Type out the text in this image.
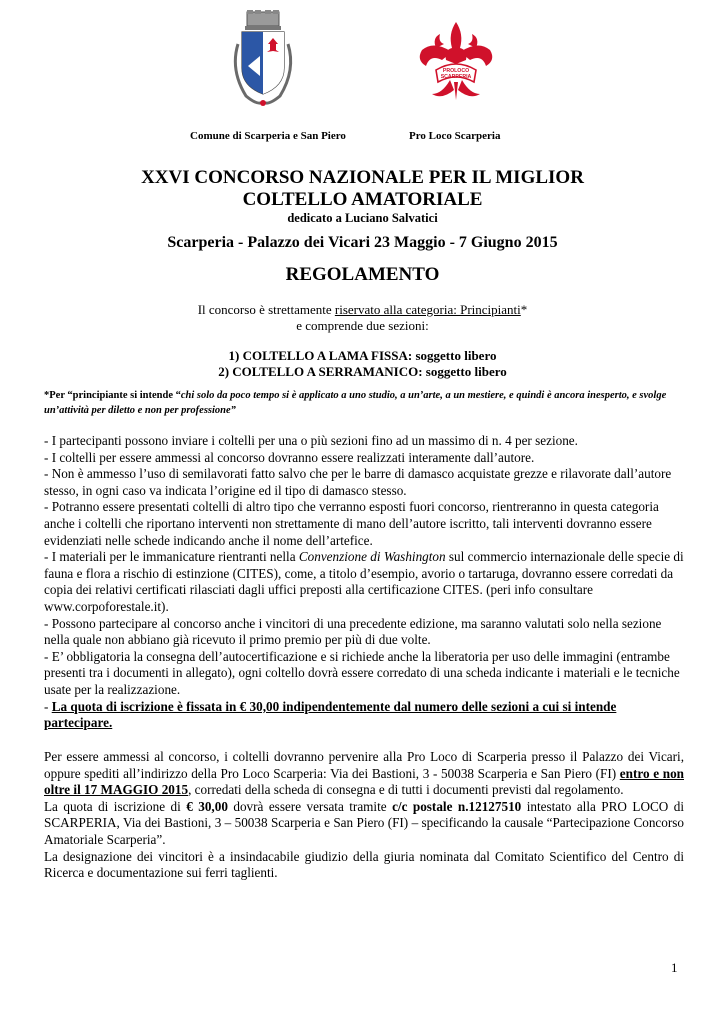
PROLOCO SCARPERIA
Comune di Scarperia e San Piero	Pro Loco Scarperia
XXVI CONCORSO NAZIONALE PER IL MIGLIOR
COLTELLO AMATORIALE
dedicato a Luciano Salvatici
Scarperia - Palazzo dei Vicari 23 Maggio - 7 Giugno 2015
REGOLAMENTO
Il concorso è strettamente riservato alla categoria: Principianti*
e comprende due sezioni:
1) COLTELLO A LAMA FISSA: soggetto libero
2) COLTELLO A SERRAMANICO: soggetto libero
*Per “principiante si intende “chi solo da poco tempo si è applicato a uno studio, a un’arte, a un mestiere, e quindi è ancora inesperto, e svolge un’attività per diletto e non per professione”

- I partecipanti possono inviare i coltelli per una o più sezioni fino ad un massimo di n. 4 per sezione.

- I coltelli per essere ammessi al concorso dovranno essere realizzati interamente dall’autore.

- Non è ammesso l’uso di semilavorati fatto salvo che per le barre di damasco acquistate grezze e rilavorate dall’autore stesso, in ogni caso va indicata l’origine ed il tipo di damasco stesso.

- Potranno essere presentati coltelli di altro tipo che verranno esposti fuori concorso, rientreranno in questa categoria anche i coltelli che riportano interventi non strettamente di mano dell’autore iscritto, tali interventi dovranno essere evidenziati nelle schede indicando anche il nome dell’artefice.

- I materiali per le immanicature rientranti nella Convenzione di Washington sul commercio internazionale delle specie di fauna e flora a rischio di estinzione (CITES), come, a titolo d’esempio, avorio o tartaruga, dovranno essere corredati da copia dei relativi certificati rilasciati dagli uffici preposti alla certificazione CITES. (peri info consultare www.corpoforestale.it).

- Possono partecipare al concorso anche i vincitori di una precedente edizione, ma saranno valutati solo nella sezione nella quale non abbiano già ricevuto il primo premio per più di due volte.

- E’ obbligatoria la consegna dell’autocertificazione e si richiede anche la liberatoria per uso delle immagini (entrambe presenti tra i documenti in allegato), ogni coltello dovrà essere corredato di una scheda indicante i materiali e le tecniche usate per la realizzazione.

- La quota di iscrizione è fissata in € 30,00 indipendentemente dal numero delle sezioni a cui si intende partecipare.

Per essere ammessi al concorso, i coltelli dovranno pervenire alla Pro Loco di Scarperia presso il Palazzo dei Vicari, oppure spediti all’indirizzo della Pro Loco Scarperia: Via dei Bastioni, 3 - 50038 Scarperia e San Piero (FI) entro e non oltre il 17 MAGGIO 2015, corredati della scheda di consegna e di tutti i documenti previsti dal regolamento.

La quota di iscrizione di € 30,00 dovrà essere versata tramite c/c postale n.12127510 intestato alla PRO LOCO di SCARPERIA, Via dei Bastioni, 3 – 50038 Scarperia e San Piero (FI) – specificando la causale “Partecipazione Concorso Amatoriale Scarperia”.

La designazione dei vincitori è a insindacabile giudizio della giuria nominata dal Comitato Scientifico del Centro di Ricerca e documentazione sui ferri taglienti.

1
